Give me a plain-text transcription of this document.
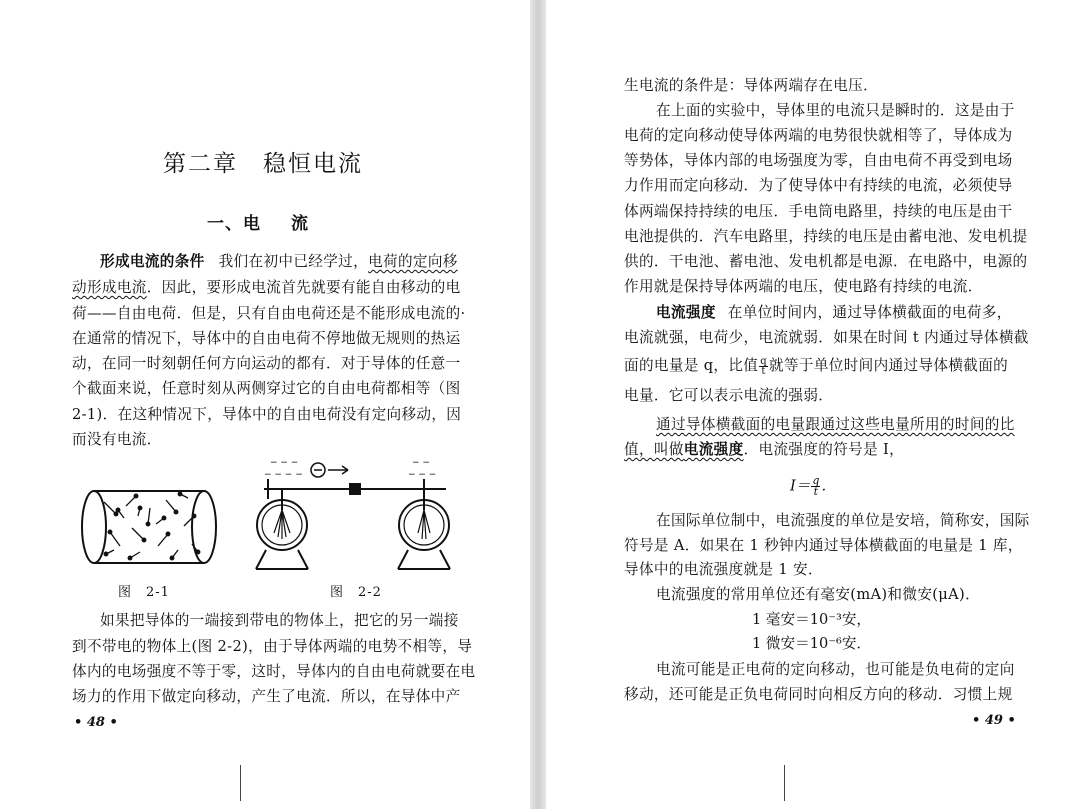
第二章　稳恒电流
一、电 流
形成电流的条件 我们在初中已经学过，电荷的定向移
动形成电流．因此，要形成电流首先就要有能自由移动的电
荷——自由电荷．但是，只有自由电荷还是不能形成电流的·
在通常的情况下，导体中的自由电荷不停地做无规则的热运
动，在同一时刻朝任何方向运动的都有．对于导体的任意一
个截面来说，任意时刻从两侧穿过它的自由电荷都相等（图
2-1)．在这种情况下，导体中的自由电荷没有定向移动，因
而没有电流．
− − −
− − − −
− −
− − −
图　2-1	图　2-2
如果把导体的一端接到带电的物体上，把它的另一端接
到不带电的物体上(图 2-2)，由于导体两端的电势不相等，导
体内的电场强度不等于零，这时，导体内的自由电荷就要在电
场力的作用下做定向移动，产生了电流．所以，在导体中产
• 48 •
生电流的条件是：导体两端存在电压．
在上面的实验中，导体里的电流只是瞬时的．这是由于
电荷的定向移动使导体两端的电势很快就相等了，导体成为
等势体，导体内部的电场强度为零，自由电荷不再受到电场
力作用而定向移动．为了使导体中有持续的电流，必须使导
体两端保持持续的电压．手电筒电路里，持续的电压是由干
电池提供的．汽车电路里，持续的电压是由蓄电池、发电机提
供的．干电池、蓄电池、发电机都是电源．在电路中，电源的
作用就是保持导体两端的电压，使电路有持续的电流．
电流强度 在单位时间内，通过导体横截面的电荷多，
电流就强，电荷少，电流就弱．如果在时间 t 内通过导体横截
面的电量是 q，比值 $\frac{q}{t}$ 就等于单位时间内通过导体横截面的
电量．它可以表示电流的强弱．
通过导体横截面的电量跟通过这些电量所用的时间的比
值，叫做电流强度．电流强度的符号是 I，
$I= \frac{q}{t}$ ．
在国际单位制中，电流强度的单位是安培，简称安，国际
符号是 A．如果在 1 秒钟内通过导体横截面的电量是 1 库，
导体中的电流强度就是 1 安．
电流强度的常用单位还有毫安(mA)和微安(μA)．
1 毫安＝10⁻³安，
1 微安＝10⁻⁶安．
电流可能是正电荷的定向移动，也可能是负电荷的定向
移动，还可能是正负电荷同时向相反方向的移动．习惯上规
• 49 •
